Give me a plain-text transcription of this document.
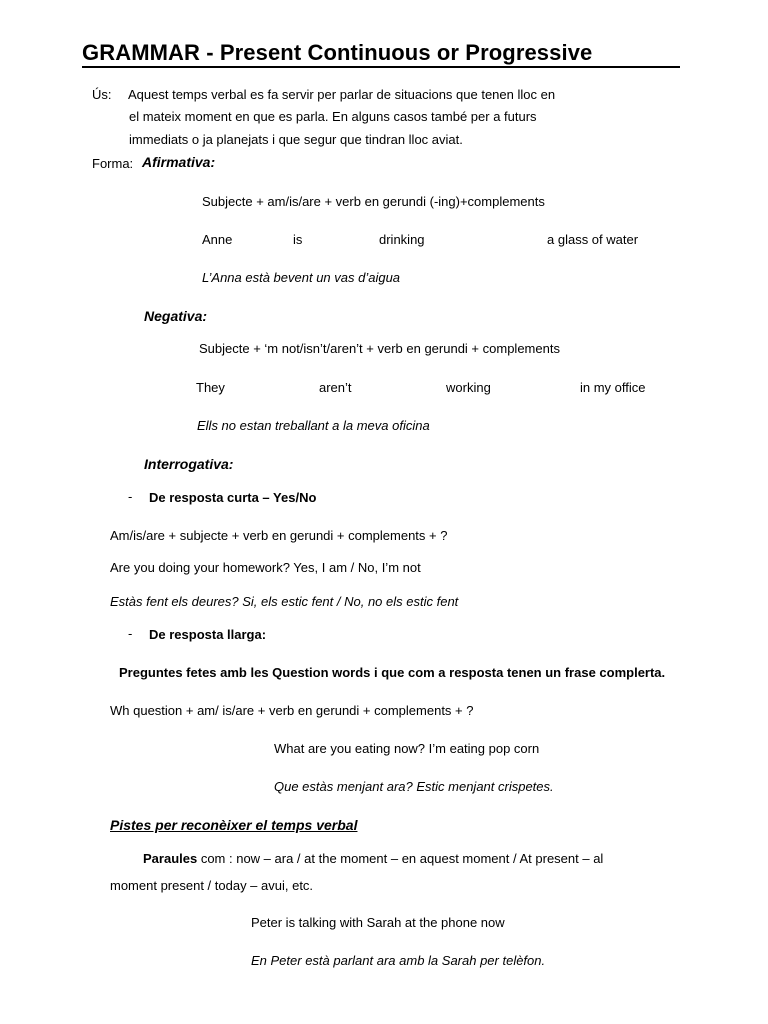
GRAMMAR - Present Continuous or Progressive
Ús: Aquest temps verbal es fa servir per parlar de situacions que tenen lloc en
el mateix moment en que es parla. En alguns casos també per a futurs
immediats o ja planejats i que segur que tindran lloc aviat.
Forma: Afirmativa:
Subjecte + am/is/are + verb en gerundi (-ing)+complements
Anne	is	drinking	a glass of water
L’Anna està bevent un vas d’aigua
Negativa:
Subjecte + ‘m not/isn’t/aren’t + verb en gerundi + complements
They	aren’t	working	in my office
Ells no estan treballant a la meva oficina
Interrogativa:
- De resposta curta – Yes/No
Am/is/are + subjecte + verb en gerundi + complements + ?
Are you doing your homework? Yes, I am / No, I’m not
Estàs fent els deures? Si, els estic fent / No, no els estic fent
- De resposta llarga:
Preguntes fetes amb les Question words i que com a resposta tenen un frase complerta.
Wh question + am/ is/are + verb en gerundi + complements + ?
What are you eating now? I’m eating pop corn
Que estàs menjant ara? Estic menjant crispetes.
Pistes per reconèixer el temps verbal
Paraules com : now – ara / at the moment – en aquest moment / At present – al
moment present / today – avui, etc.
Peter is talking with Sarah at the phone now
En Peter està parlant ara amb la Sarah per telèfon.
